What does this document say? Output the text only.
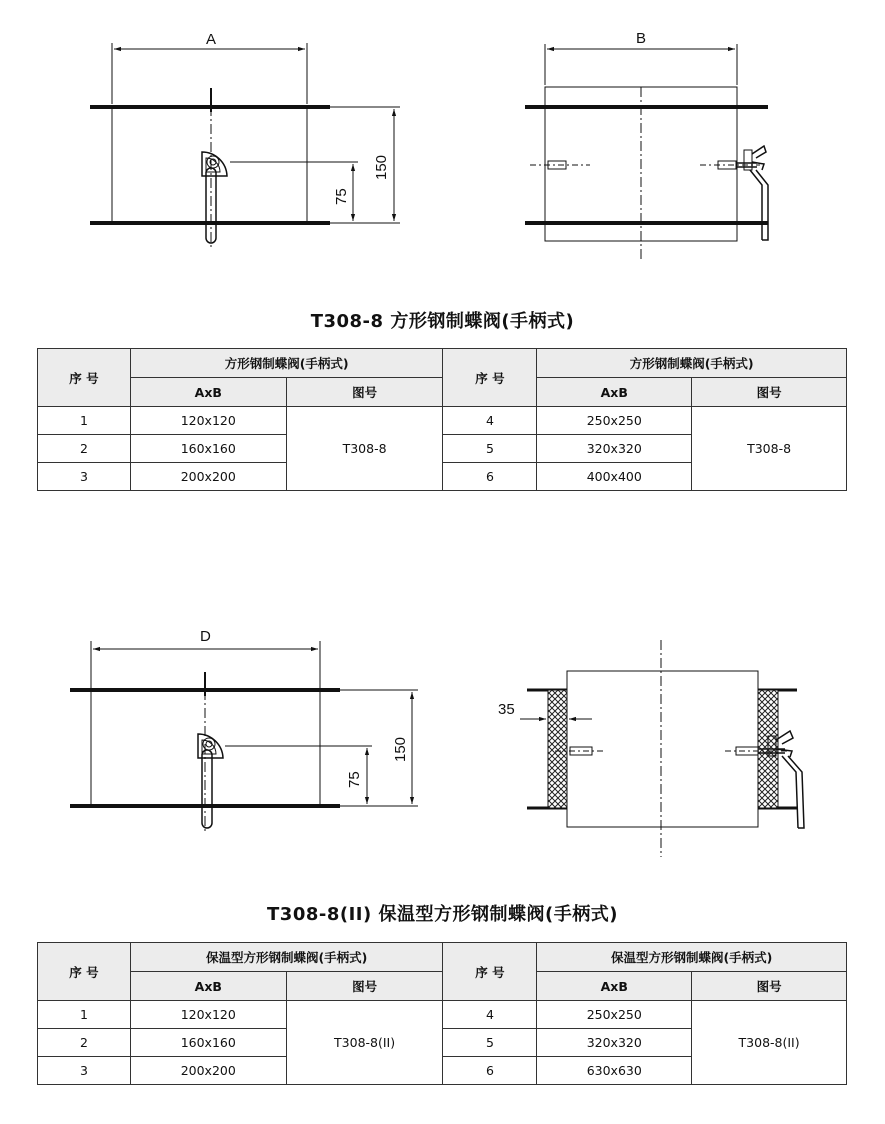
A
150
75
B
D
150
75
35
T308-8 方形钢制蝶阀(手柄式)
序 号	方形钢制蝶阀(手柄式)		序 号	方形钢制蝶阀(手柄式)	
	AxB	图号		AxB	图号
1	120x120	T308-8	4	250x250	T308-8
2	160x160		5	320x320	
3	200x200		6	400x400	
T308-8(II) 保温型方形钢制蝶阀(手柄式)
序 号	保温型方形钢制蝶阀(手柄式)		序 号	保温型方形钢制蝶阀(手柄式)	
	AxB	图号		AxB	图号
1	120x120	T308-8(II)	4	250x250	T308-8(II)
2	160x160		5	320x320	
3	200x200		6	630x630	
